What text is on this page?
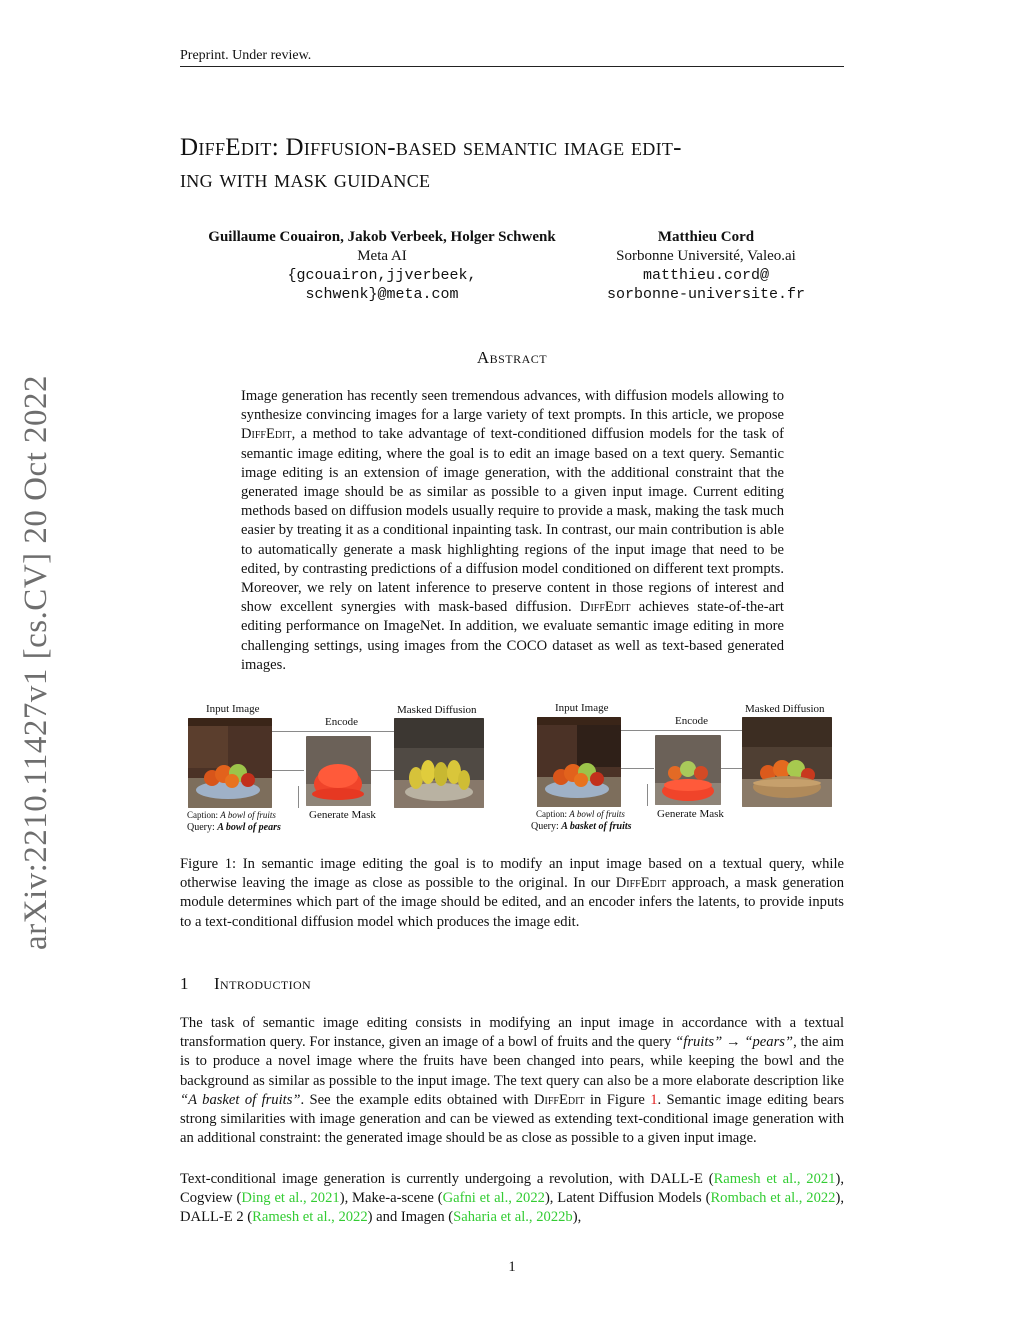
Preprint. Under review.
arXiv:2210.11427v1 [cs.CV] 20 Oct 2022
DiffEdit: Diffusion-based semantic image edit-
ing with mask guidance
Guillaume Couairon, Jakob Verbeek, Holger Schwenk
Meta AI
{gcouairon,jjverbeek,
schwenk}@meta.com
Matthieu Cord
Sorbonne Université, Valeo.ai
matthieu.cord@
sorbonne-universite.fr
Abstract
Image generation has recently seen tremendous advances, with diffusion models allowing to synthesize convincing images for a large variety of text prompts. In this article, we propose DiffEdit, a method to take advantage of text-conditioned diffusion models for the task of semantic image editing, where the goal is to edit an image based on a text query. Semantic image editing is an extension of image generation, with the additional constraint that the generated image should be as similar as possible to a given input image. Current editing methods based on diffusion models usually require to provide a mask, making the task much easier by treating it as a conditional inpainting task. In contrast, our main contribution is able to automatically generate a mask highlighting regions of the input image that need to be edited, by contrasting predictions of a diffusion model conditioned on different text prompts. Moreover, we rely on latent inference to preserve content in those regions of interest and show excellent synergies with mask-based diffusion. DiffEdit achieves state-of-the-art editing performance on ImageNet. In addition, we evaluate semantic image editing in more challenging settings, using images from the COCO dataset as well as text-based generated images.
Input Image
Encode
Masked Diffusion
Generate Mask
Caption: A bowl of fruits
Query: A bowl of pears
Input Image
Encode
Masked Diffusion
Generate Mask
Caption: A bowl of fruits
Query: A basket of fruits
Figure 1: In semantic image editing the goal is to modify an input image based on a textual query, while otherwise leaving the image as close as possible to the original. In our DiffEdit approach, a mask generation module determines which part of the image should be edited, and an encoder infers the latents, to provide inputs to a text-conditional diffusion model which produces the image edit.
1 Introduction
The task of semantic image editing consists in modifying an input image in accordance with a textual transformation query. For instance, given an image of a bowl of fruits and the query “fruits” → “pears”, the aim is to produce a novel image where the fruits have been changed into pears, while keeping the bowl and the background as similar as possible to the input image. The text query can also be a more elaborate description like “A basket of fruits”. See the example edits obtained with DiffEdit in Figure 1. Semantic image editing bears strong similarities with image generation and can be viewed as extending text-conditional image generation with an additional constraint: the generated image should be as close as possible to a given input image.
Text-conditional image generation is currently undergoing a revolution, with DALL-E (Ramesh et al., 2021), Cogview (Ding et al., 2021), Make-a-scene (Gafni et al., 2022), Latent Diffusion Models (Rombach et al., 2022), DALL-E 2 (Ramesh et al., 2022) and Imagen (Saharia et al., 2022b),
1
